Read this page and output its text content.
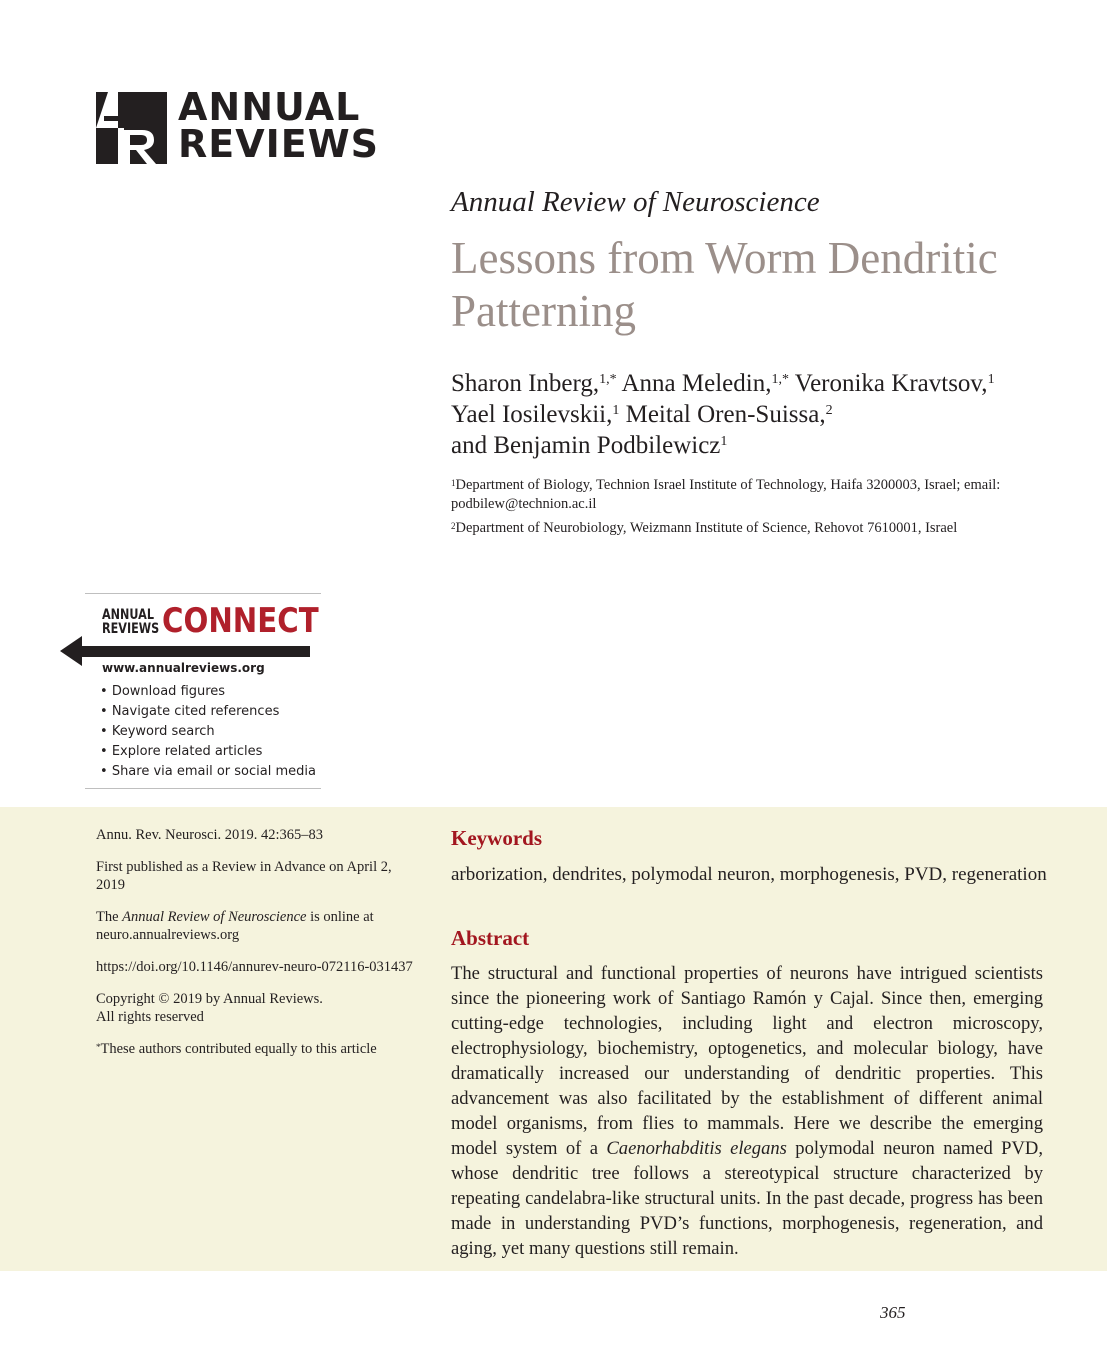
ANNUAL
REVIEWS
Annual Review of Neuroscience
Lessons from Worm Dendritic Patterning
Sharon Inberg,$^{1,*}$ Anna Meledin,$^{1,*}$ Veronika Kravtsov,$^1$
Yael Iosilevskii,$^1$ Meital Oren-Suissa,$^2$
and Benjamin Podbilewicz$^1$
$^1$Department of Biology, Technion Israel Institute of Technology, Haifa 3200003, Israel; email: podbilew@technion.ac.il
$^2$Department of Neurobiology, Weizmann Institute of Science, Rehovot 7610001, Israel
ANNUAL
REVIEWS CONNECT
www.annualreviews.org
• Download figures
• Navigate cited references
• Keyword search
• Explore related articles
• Share via email or social media

Annu. Rev. Neurosci. 2019. 42:365–83

First published as a Review in Advance on April 2, 2019

The Annual Review of Neuroscience is online at neuro.annualreviews.org

https://doi.org/10.1146/annurev-neuro-072116-031437

Copyright © 2019 by Annual Reviews.
All rights reserved

*These authors contributed equally to this article

Keywords
arborization, dendrites, polymodal neuron, morphogenesis, PVD, regeneration
Abstract
The structural and functional properties of neurons have intrigued scientists since the pioneering work of Santiago Ramón y Cajal. Since then, emerging cutting-edge technologies, including light and electron microscopy, electrophysiology, biochemistry, optogenetics, and molecular biology, have dramatically increased our understanding of dendritic properties. This advancement was also facilitated by the establishment of different animal model organisms, from flies to mammals. Here we describe the emerging model system of a Caenorhabditis elegans polymodal neuron named PVD, whose dendritic tree follows a stereotypical structure characterized by repeating candelabra-like structural units. In the past decade, progress has been made in understanding PVD’s functions, morphogenesis, regeneration, and aging, yet many questions still remain.
365
